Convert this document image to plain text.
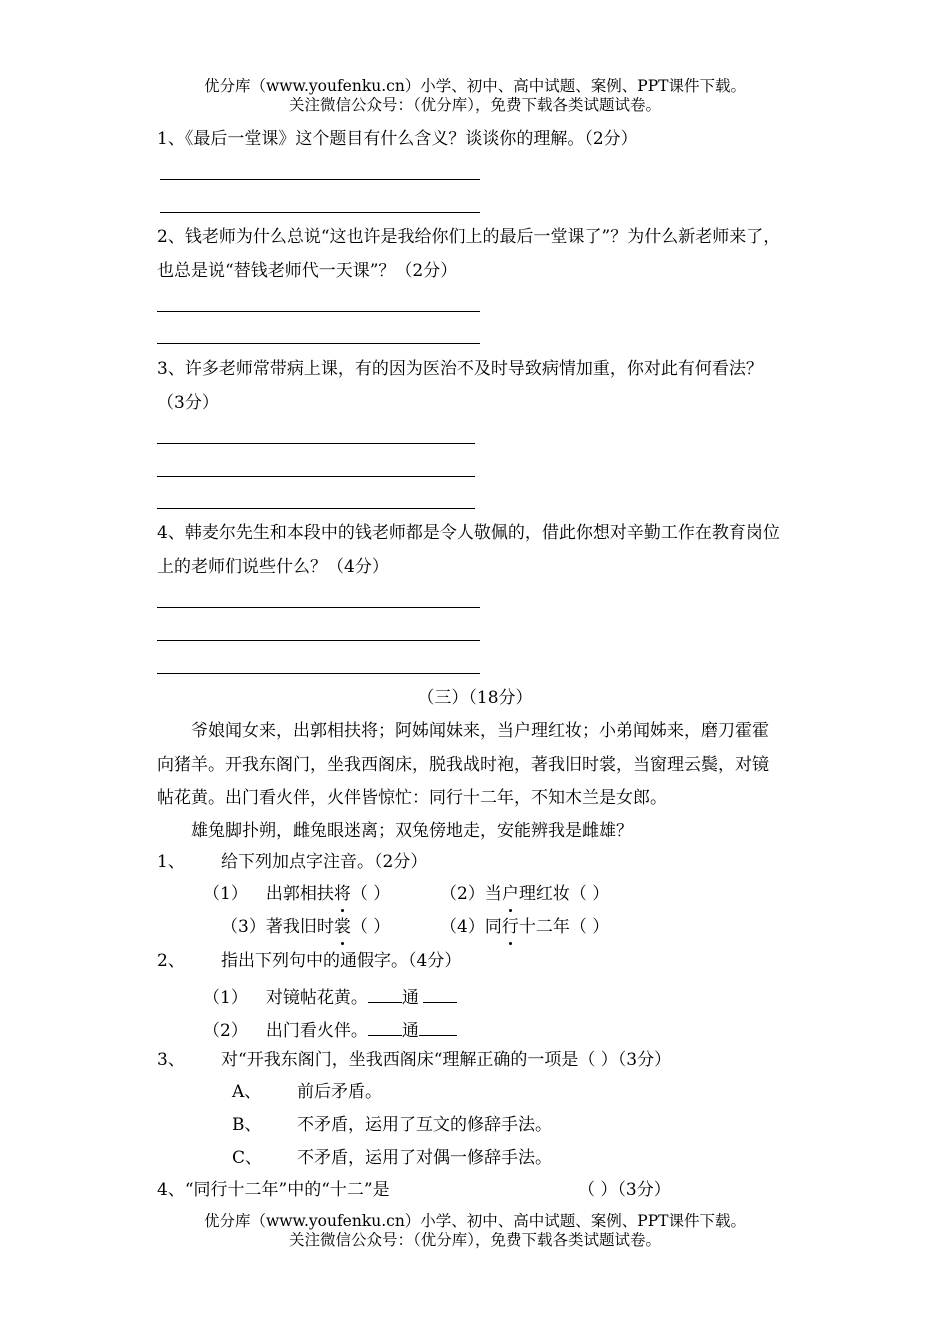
优分库（www.youfenku.cn）小学、初中、高中试题、案例、PPT课件下载。
关注微信公众号：（优分库），免费下载各类试题试卷。
1、《最后一堂课》这个题目有什么含义？谈谈你的理解。（2分）
2、钱老师为什么总说“这也许是我给你们上的最后一堂课了”？为什么新老师来了，
也总是说“替钱老师代一天课”？（2分）
3、许多老师常带病上课，有的因为医治不及时导致病情加重，你对此有何看法？
（3分）
4、韩麦尔先生和本段中的钱老师都是令人敬佩的，借此你想对辛勤工作在教育岗位
上的老师们说些什么？（4分）
（三）（18分）
爷娘闻女来，出郭相扶将；阿姊闻妹来，当户理红妆；小弟闻姊来，磨刀霍霍
向猪羊。开我东阁门，坐我西阁床，脱我战时袍，著我旧时裳，当窗理云鬓，对镜
帖花黄。出门看火伴，火伴皆惊忙：同行十二年，不知木兰是女郎。
雄兔脚扑朔，雌兔眼迷离；双兔傍地走，安能辨我是雌雄？
1、 给下列加点字注音。（2分）
（1） 出郭相扶将（ ）	（2）当户理红妆（ ）
（3）著我旧时裳（ ）	（4）同行十二年（ ）
2、 指出下列句中的通假字。（4分）
（1） 对镜帖花黄。 通
（2） 出门看火伴。 通
3、 对“开我东阁门，坐我西阁床“理解正确的一项是（ ）（3分）
A、 前后矛盾。
B、 不矛盾，运用了互文的修辞手法。
C、 不矛盾，运用了对偶一修辞手法。
4、“同行十二年”中的“十二”是	（ ）（3分）
优分库（www.youfenku.cn）小学、初中、高中试题、案例、PPT课件下载。
关注微信公众号：（优分库），免费下载各类试题试卷。
